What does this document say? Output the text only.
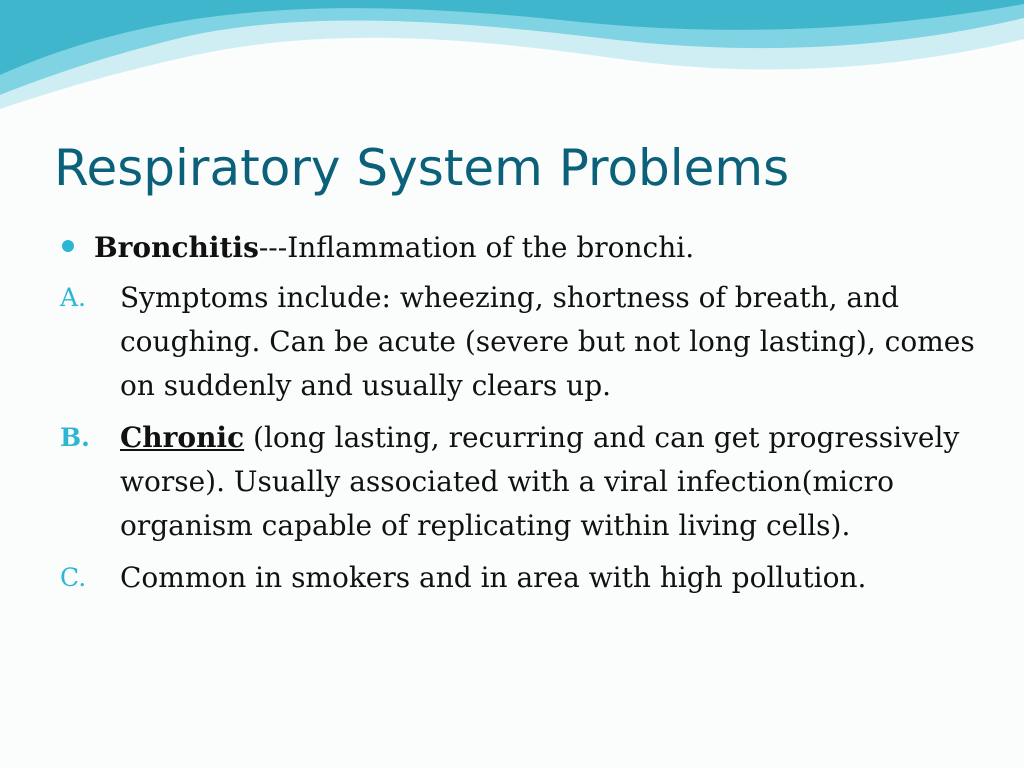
Respiratory System Problems
Bronchitis---Inflammation of the bronchi.
A. Symptoms include: wheezing, shortness of breath, and coughing. Can be acute (severe but not long lasting), comes on suddenly and usually clears up.
B. Chronic (long lasting, recurring and can get progressively worse). Usually associated with a viral infection(micro organism capable of replicating within living cells).
C. Common in smokers and in area with high pollution.
